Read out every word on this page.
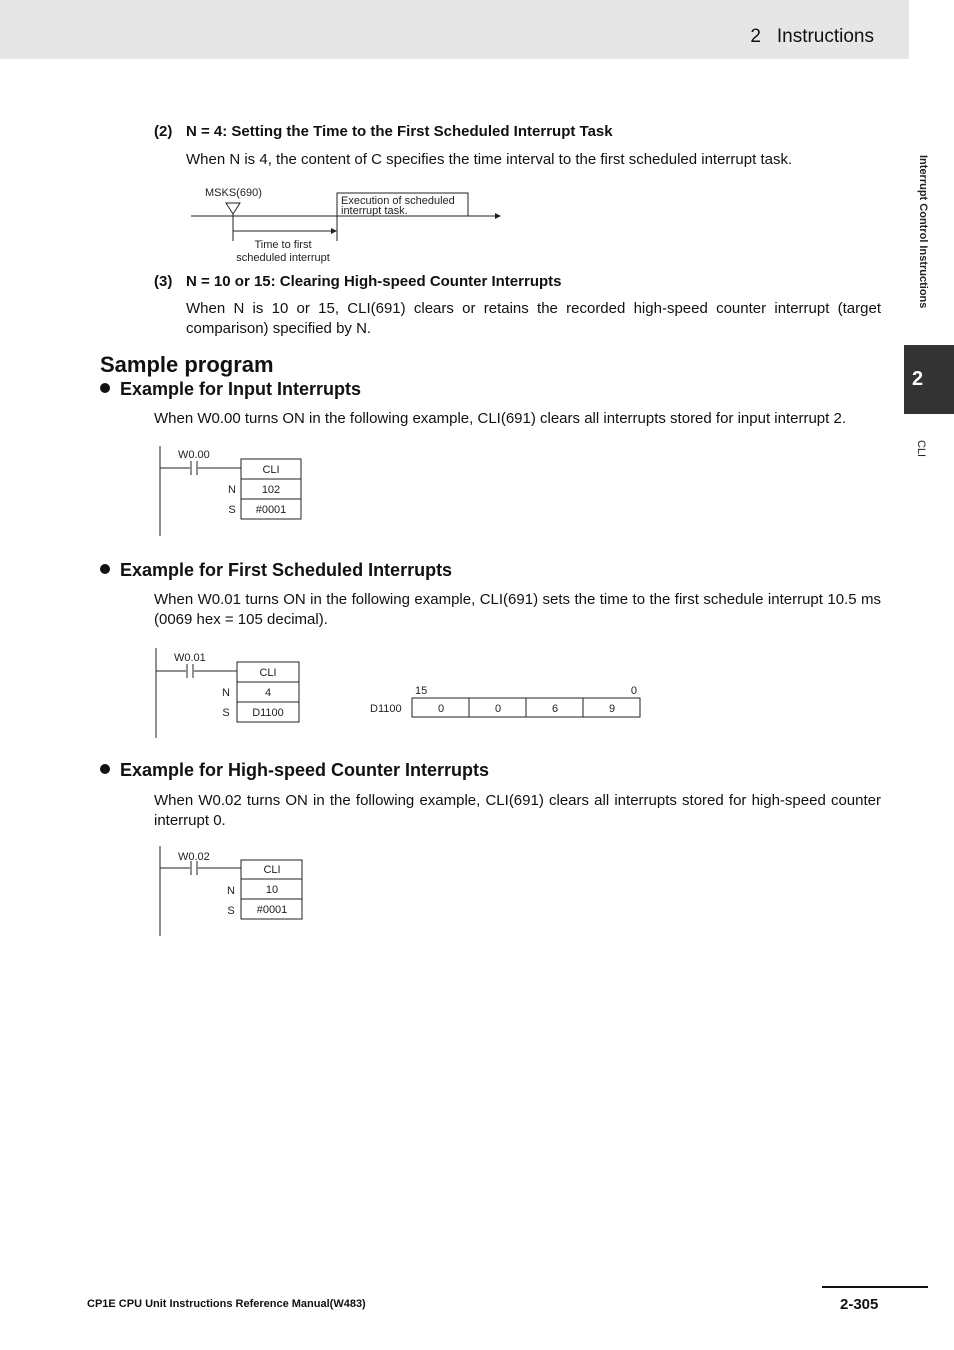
2 Instructions
Interrupt Control Instructions
2
CLI
(2) N = 4: Setting the Time to the First Scheduled Interrupt Task
When N is 4, the content of C specifies the time interval to the first scheduled interrupt task.
MSKS(690)
Execution of scheduled
interrupt task.
Time to first
scheduled interrupt
(3) N = 10 or 15: Clearing High-speed Counter Interrupts
When N is 10 or 15, CLI(691) clears or retains the recorded high-speed counter interrupt (target comparison) specified by N.
Sample program
Example for Input Interrupts
When W0.00 turns ON in the following example, CLI(691) clears all interrupts stored for input interrupt 2.
W0.00
CLI
102
#0001
N
S
Example for First Scheduled Interrupts
When W0.01 turns ON in the following example, CLI(691) sets the time to the first schedule interrupt 10.5 ms (0069 hex = 105 decimal).
W0.01
CLI
4
D1100
N
S
15	0
D1100	0	0	6	9
Example for High-speed Counter Interrupts
When W0.02 turns ON in the following example, CLI(691) clears all interrupts stored for high-speed counter interrupt 0.
W0.02
CLI
10
#0001
N
S
CP1E CPU Unit Instructions Reference Manual(W483)	2-305
